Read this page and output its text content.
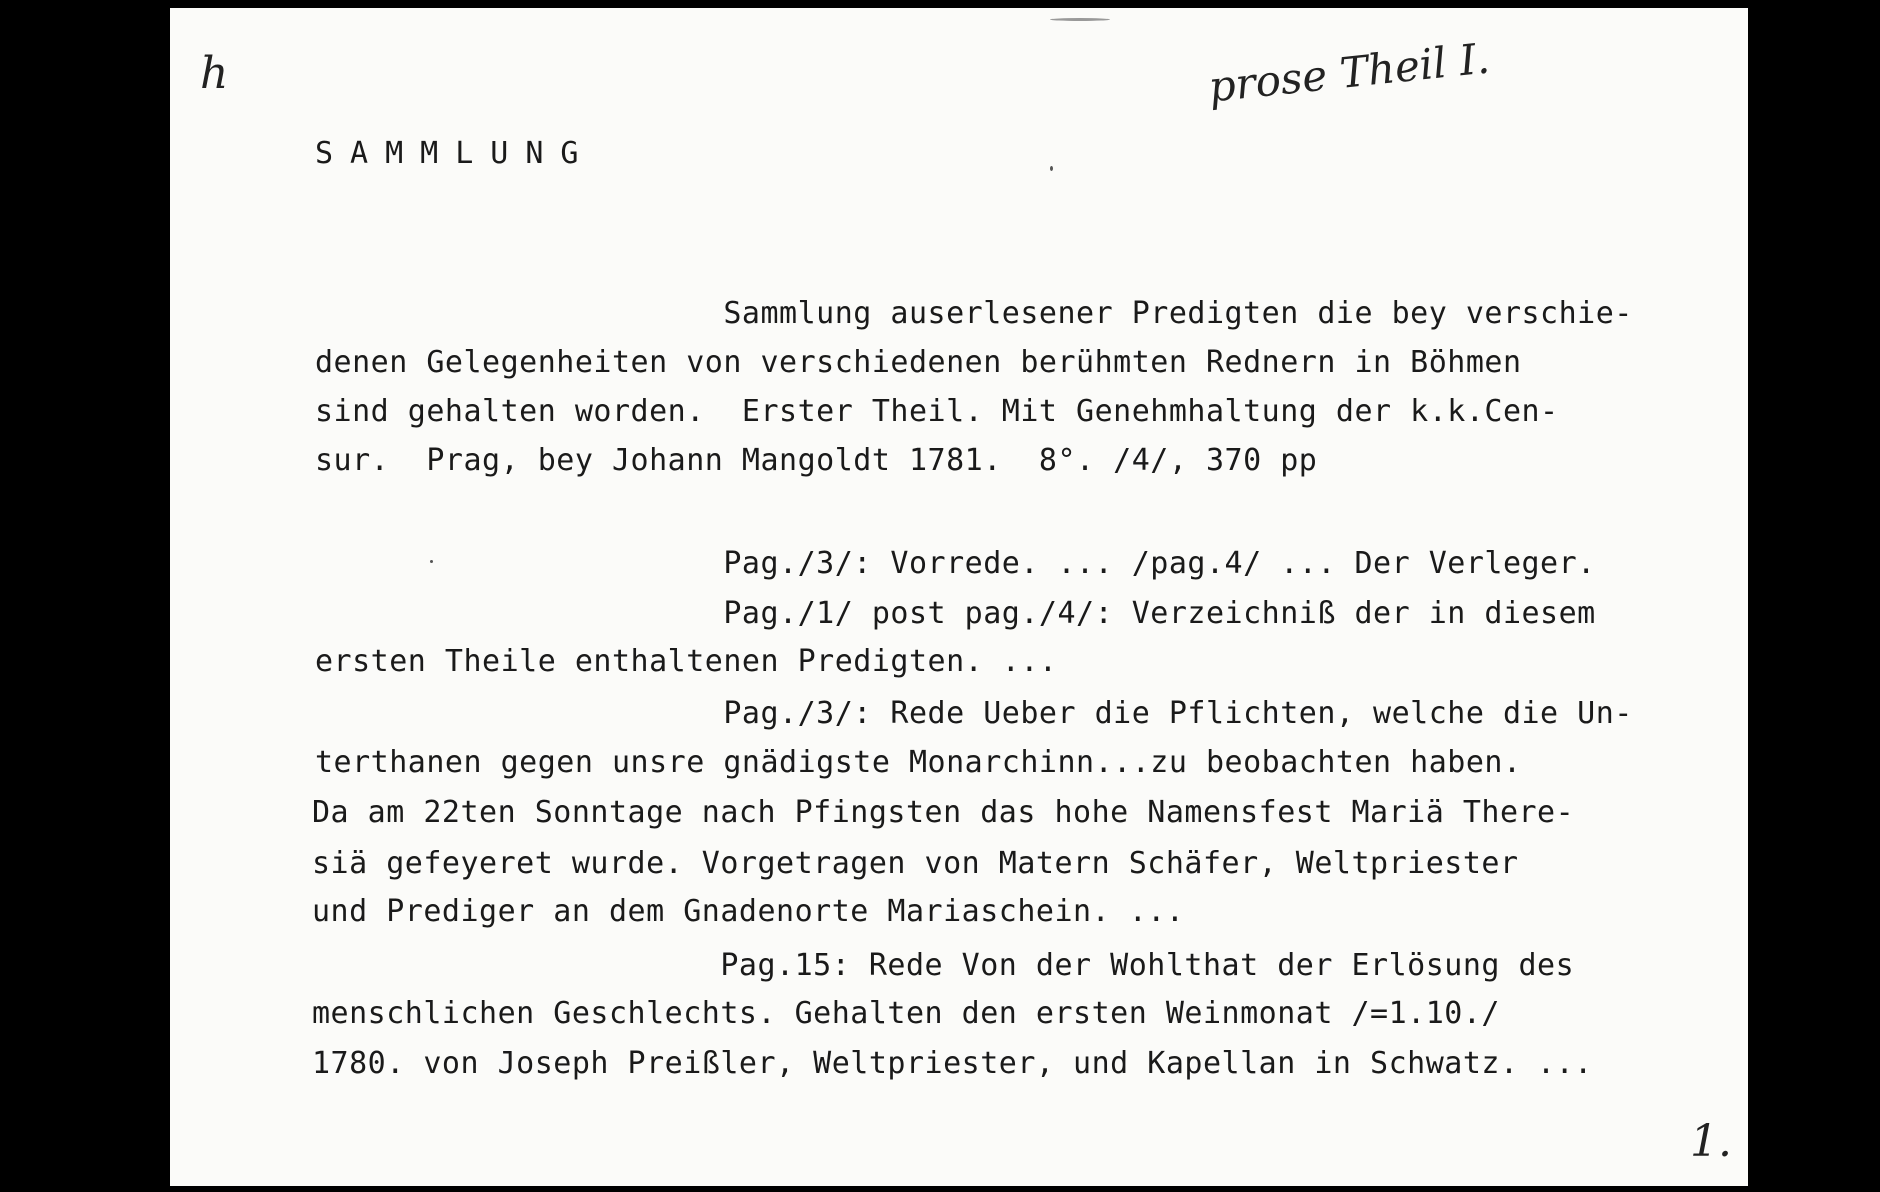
h	prose Theil I.
1.
SAMMLUNG
Sammlung auserlesener Predigten die bey verschie-
denen Gelegenheiten von verschiedenen berühmten Rednern in Böhmen
sind gehalten worden.  Erster Theil. Mit Genehmhaltung der k.k.Cen-
sur.  Prag, bey Johann Mangoldt 1781.  8°. /4/, 370 pp
Pag./3/: Vorrede. ... /pag.4/ ... Der Verleger.
Pag./1/ post pag./4/: Verzeichniß der in diesem
ersten Theile enthaltenen Predigten. ...
Pag./3/: Rede Ueber die Pflichten, welche die Un-
terthanen gegen unsre gnädigste Monarchinn...zu beobachten haben.
Da am 22ten Sonntage nach Pfingsten das hohe Namensfest Mariä There-
siä gefeyeret wurde. Vorgetragen von Matern Schäfer, Weltpriester
und Prediger an dem Gnadenorte Mariaschein. ...
Pag.15: Rede Von der Wohlthat der Erlösung des
menschlichen Geschlechts. Gehalten den ersten Weinmonat /=1.10./
1780. von Joseph Preißler, Weltpriester, und Kapellan in Schwatz. ...
